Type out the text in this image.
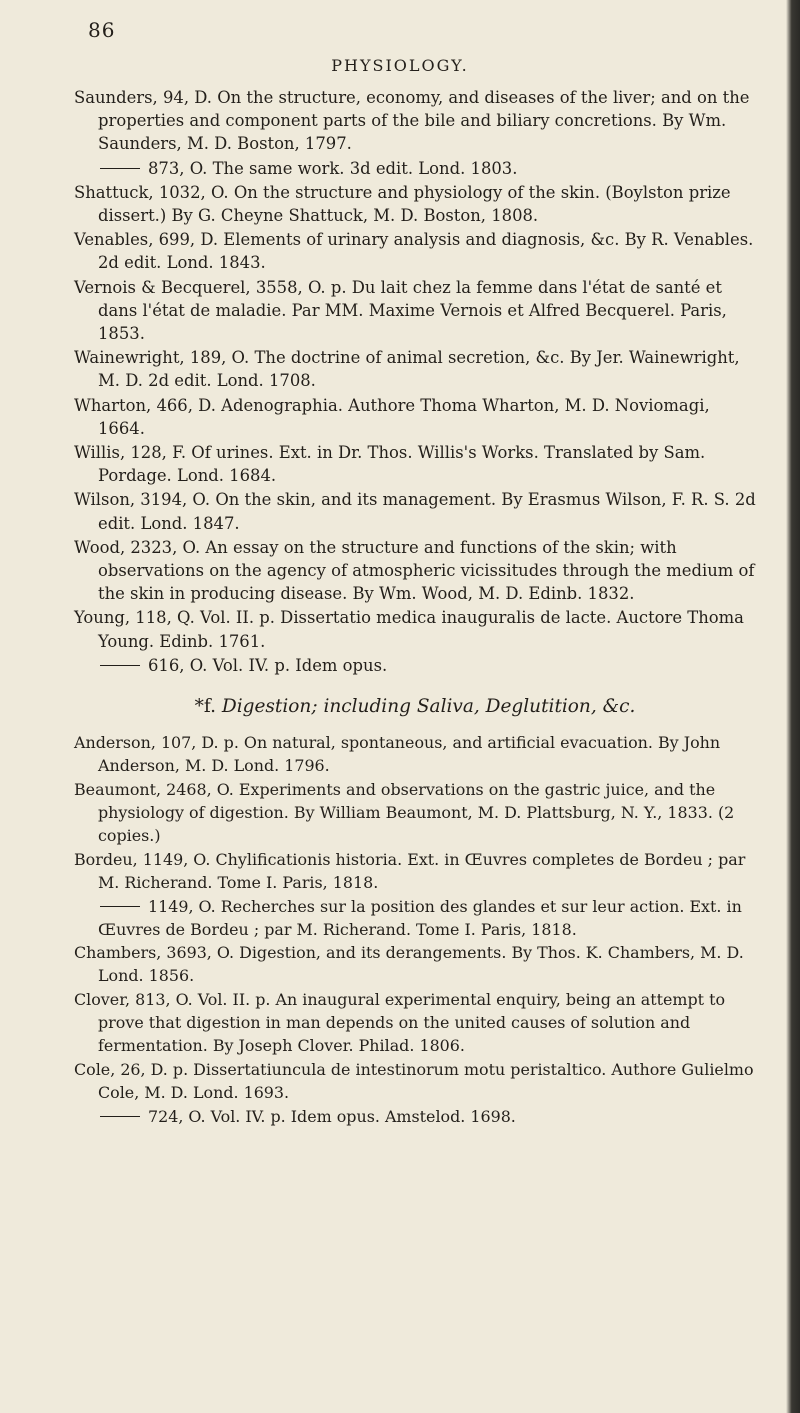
86
PHYSIOLOGY.

Saunders, 94, D. On the structure, economy, and diseases of the liver; and on the properties and component parts of the bile and biliary concretions. By Wm. Saunders, M. D. Boston, 1797.

873, O. The same work. 3d edit. Lond. 1803.

Shattuck, 1032, O. On the structure and physiology of the skin. (Boylston prize dissert.) By G. Cheyne Shattuck, M. D. Boston, 1808.

Venables, 699, D. Elements of urinary analysis and diagnosis, &c. By R. Venables. 2d edit. Lond. 1843.

Vernois & Becquerel, 3558, O. p. Du lait chez la femme dans l'état de santé et dans l'état de maladie. Par MM. Maxime Vernois et Alfred Becquerel. Paris, 1853.

Wainewright, 189, O. The doctrine of animal secretion, &c. By Jer. Wainewright, M. D. 2d edit. Lond. 1708.

Wharton, 466, D. Adenographia. Authore Thoma Wharton, M. D. Noviomagi, 1664.

Willis, 128, F. Of urines. Ext. in Dr. Thos. Willis's Works. Translated by Sam. Pordage. Lond. 1684.

Wilson, 3194, O. On the skin, and its management. By Erasmus Wilson, F. R. S. 2d edit. Lond. 1847.

Wood, 2323, O. An essay on the structure and functions of the skin; with observations on the agency of atmospheric vicissitudes through the medium of the skin in producing disease. By Wm. Wood, M. D. Edinb. 1832.

Young, 118, Q. Vol. II. p. Dissertatio medica inauguralis de lacte. Auctore Thoma Young. Edinb. 1761.

616, O. Vol. IV. p. Idem opus.

*f. Digestion; including Saliva, Deglutition, &c.

Anderson, 107, D. p. On natural, spontaneous, and artificial evacuation. By John Anderson, M. D. Lond. 1796.

Beaumont, 2468, O. Experiments and observations on the gastric juice, and the physiology of digestion. By William Beaumont, M. D. Plattsburg, N. Y., 1833. (2 copies.)

Bordeu, 1149, O. Chylificationis historia. Ext. in Œuvres completes de Bordeu ; par M. Richerand. Tome I. Paris, 1818.

1149, O. Recherches sur la position des glandes et sur leur action. Ext. in Œuvres de Bordeu ; par M. Richerand. Tome I. Paris, 1818.

Chambers, 3693, O. Digestion, and its derangements. By Thos. K. Chambers, M. D. Lond. 1856.

Clover, 813, O. Vol. II. p. An inaugural experimental enquiry, being an attempt to prove that digestion in man depends on the united causes of solution and fermentation. By Joseph Clover. Philad. 1806.

Cole, 26, D. p. Dissertatiuncula de intestinorum motu peristaltico. Authore Gulielmo Cole, M. D. Lond. 1693.

724, O. Vol. IV. p. Idem opus. Amstelod. 1698.
